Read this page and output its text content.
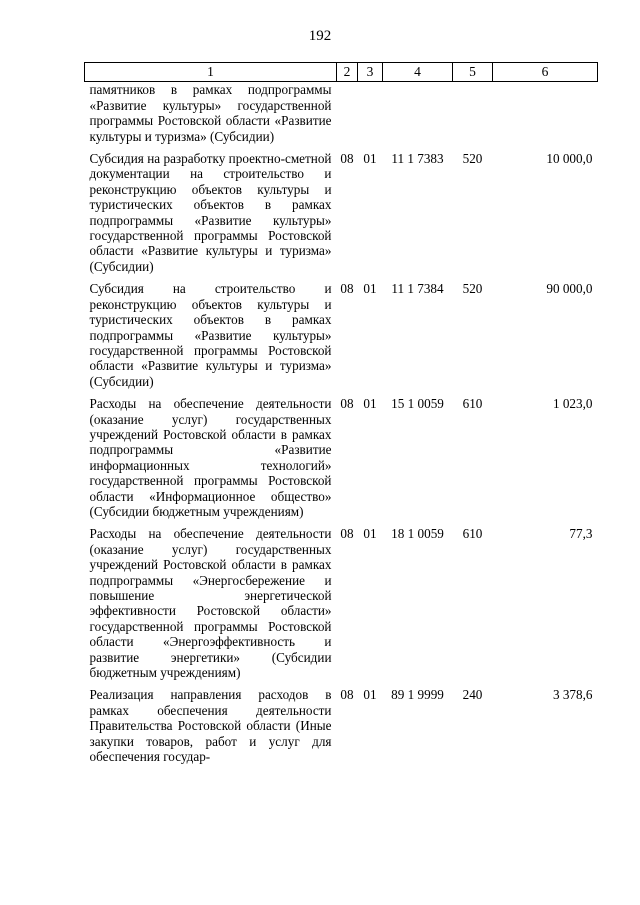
192
1	2	3	4	5	6
памятников в рамках подпрограммы «Развитие культуры» государственной программы Ростовской области «Развитие культуры и туризма» (Субсидии)					
Субсидия на разработку проектно-сметной документации на строительство и реконструкцию объектов культуры и туристических объектов в рамках подпрограммы «Развитие культуры» государственной программы Ростовской области «Развитие культуры и туризма» (Субсидии)	08	01	11 1 7383	520	10 000,0
Субсидия на строительство и реконструкцию объектов культуры и туристических объектов в рамках подпрограммы «Развитие культуры» государственной программы Ростовской области «Развитие культуры и туризма» (Субсидии)	08	01	11 1 7384	520	90 000,0
Расходы на обеспечение деятельности (оказание услуг) государственных учреждений Ростовской области в рамках подпрограммы «Развитие информационных технологий» государственной программы Ростовской области «Информационное общество» (Субсидии бюджетным учреждениям)	08	01	15 1 0059	610	1 023,0
Расходы на обеспечение деятельности (оказание услуг) государственных учреждений Ростовской области в рамках подпрограммы «Энергосбережение и повышение энергетической эффективности Ростовской области» государственной программы Ростовской области «Энергоэффективность и развитие энергетики» (Субсидии бюджетным учреждениям)	08	01	18 1 0059	610	77,3
Реализация направления расходов в рамках обеспечения деятельности Правительства Ростовской области (Иные закупки товаров, работ и услуг для обеспечения государ-	08	01	89 1 9999	240	3 378,6
